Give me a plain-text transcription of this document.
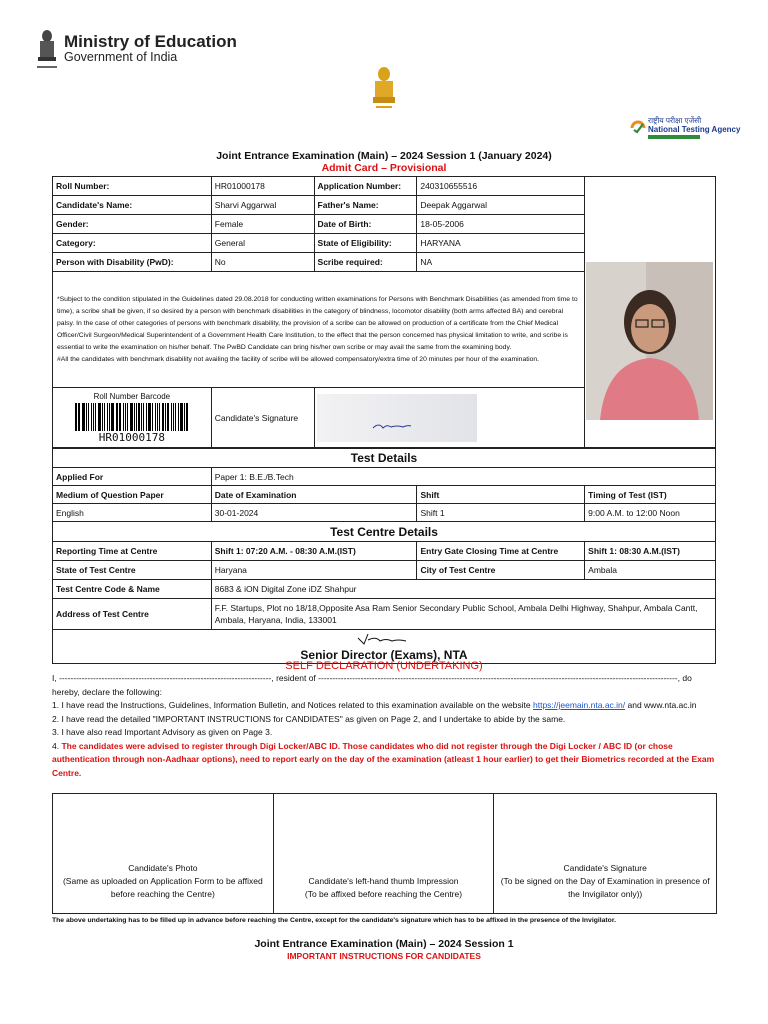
Ministry of Education
Government of India
राष्ट्रीय परीक्षा एजेंसी
National Testing Agency
Joint Entrance Examination (Main) – 2024 Session 1 (January 2024)
Admit Card – Provisional
Roll Number:	HR01000178	Application Number:	240310655516	
Candidate's Name:	Sharvi Aggarwal	Father's Name:	Deepak Aggarwal	
Gender:	Female	Date of Birth:	18-05-2006	
Category:	General	State of Eligibility:	HARYANA	

Person with Disability (PwD):	No	Scribe required:	NA	

*Subject to the condition stipulated in the Guidelines dated 29.08.2018 for conducting written examinations for Persons with Benchmark Disabilities (as amended from time to time), a scribe shall be given, if so desired by a person with benchmark disabilities in the category of blindness, locomotor disability (both arms affected BA) and cerebral palsy. In the case of other categories of persons with benchmark disability, the provision of a scribe can be allowed on production of a certificate from the Chief Medical Officer/Civil Surgeon/Medical Superintendent of a Government Health Care Institution, to the effect that the person concerned has physical limitation to write, and scribe is essential to write the examination on his/her behalf. The PwBD Candidate can bring his/her own scribe or may avail the same from the examining body.
#All the candidates with benchmark disability not availing the facility of scribe will be allowed compensatory/extra time of 20 minutes per hour of the examination.				

Roll Number Barcode
HR01000178	Candidate's Signature	
Test Details			
Applied For	Paper 1: B.E./B.Tech		
Medium of Question Paper	Date of Examination	Shift	Timing of Test (IST)
English	30-01-2024	Shift 1	9:00 A.M. to 12:00 Noon
Test Centre Details			
Reporting Time at Centre	Shift 1: 07:20 A.M. - 08:30 A.M.(IST)	Entry Gate Closing Time at Centre	Shift 1: 08:30 A.M.(IST)
State of Test Centre	Haryana	City of Test Centre	Ambala
Test Centre Code & Name	8683 & iON Digital Zone iDZ Shahpur		
Address of Test Centre	F.F. Startups, Plot no 18/18,Opposite Asa Ram Senior Secondary Public School, Ambala Delhi Highway, Shahpur, Ambala Cantt, Ambala, Haryana, India, 133001		

Senior Director (Exams), NTA			
SELF DECLARATION (UNDERTAKING)
I, ---------------------------------------------------------------------------, resident of -------------------------------------------------------------------------------------------------------------------------------, do hereby, declare the following:
1. I have read the Instructions, Guidelines, Information Bulletin, and Notices related to this examination available on the website https://jeemain.nta.ac.in/ and www.nta.ac.in
2. I have read the detailed "IMPORTANT INSTRUCTIONS for CANDIDATES" as given on Page 2, and I undertake to abide by the same.
3. I have also read Important Advisory as given on Page 3.
4. The candidates were advised to register through Digi Locker/ABC ID. Those candidates who did not register through the Digi Locker / ABC ID (or chose authentication through non-Aadhaar options), need to report early on the day of the examination (atleast 1 hour earlier) to get their Biometrics recorded at the Exam Centre.
Candidate's Photo
(Same as uploaded on Application Form to be affixed before reaching the Centre)

Candidate's left-hand thumb Impression
(To be affixed before reaching the Centre)

Candidate's Signature
(To be signed on the Day of Examination in presence of the Invigilator only))
The above undertaking has to be filled up in advance before reaching the Centre, except for the candidate's signature which has to be affixed in the presence of the Invigilator.
Joint Entrance Examination (Main) – 2024 Session 1
IMPORTANT INSTRUCTIONS FOR CANDIDATES
